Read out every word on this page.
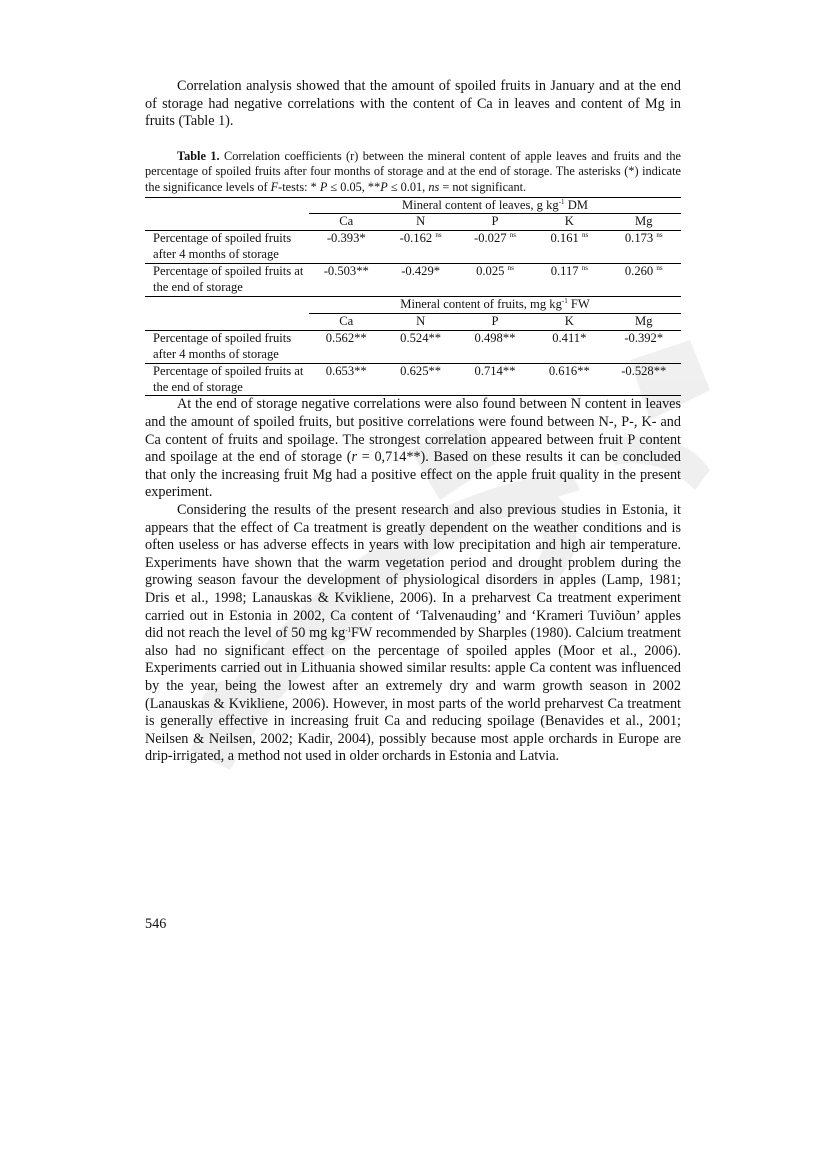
Correlation analysis showed that the amount of spoiled fruits in January and at the end of storage had negative correlations with the content of Ca in leaves and content of Mg in fruits (Table 1).

Table 1. Correlation coefficients (r) between the mineral content of apple leaves and fruits and the percentage of spoiled fruits after four months of storage and at the end of storage. The asterisks (*) indicate the significance levels of F-tests: * P ≤ 0.05, **P ≤ 0.01, ns = not significant.
	Mineral content of leaves, g $kg^{-1}$ DM				
	Ca	N	P	K	Mg
Percentage of spoiled fruits after 4 months of storage	-0.393*	-0.162 $^{ns}$	-0.027 $^{ns}$	0.161 $^{ns}$	0.173 $^{ns}$
Percentage of spoiled fruits at the end of storage	-0.503**	-0.429*	0.025 $^{ns}$	0.117 $^{ns}$	0.260 $^{ns}$
	Mineral content of fruits, mg $kg^{-1}$ FW				
	Ca	N	P	K	Mg
Percentage of spoiled fruits after 4 months of storage	0.562**	0.524**	0.498**	0.411*	-0.392*
Percentage of spoiled fruits at the end of storage	0.653**	0.625**	0.714**	0.616**	-0.528**

At the end of storage negative correlations were also found between N content in leaves and the amount of spoiled fruits, but positive correlations were found between N-, P-, K- and Ca content of fruits and spoilage. The strongest correlation appeared between fruit P content and spoilage at the end of storage (r = 0,714**). Based on these results it can be concluded that only the increasing fruit Mg had a positive effect on the apple fruit quality in the present experiment.

Considering the results of the present research and also previous studies in Estonia, it appears that the effect of Ca treatment is greatly dependent on the weather conditions and is often useless or has adverse effects in years with low precipitation and high air temperature. Experiments have shown that the warm vegetation period and drought problem during the growing season favour the development of physiological disorders in apples (Lamp, 1981; Dris et al., 1998; Lanauskas & Kvikliene, 2006). In a preharvest Ca treatment experiment carried out in Estonia in 2002, Ca content of ‘Talvenauding’ and ‘Krameri Tuviõun’ apples did not reach the level of 50 mg $kg^{-1}FW$ recommended by Sharples (1980). Calcium treatment also had no significant effect on the percentage of spoiled apples (Moor et al., 2006). Experiments carried out in Lithuania showed similar results: apple Ca content was influenced by the year, being the lowest after an extremely dry and warm growth season in 2002 (Lanauskas & Kvikliene, 2006). However, in most parts of the world preharvest Ca treatment is generally effective in increasing fruit Ca and reducing spoilage (Benavides et al., 2001; Neilsen & Neilsen, 2002; Kadir, 2004), possibly because most apple orchards in Europe are drip-irrigated, a method not used in older orchards in Estonia and Latvia.

546
